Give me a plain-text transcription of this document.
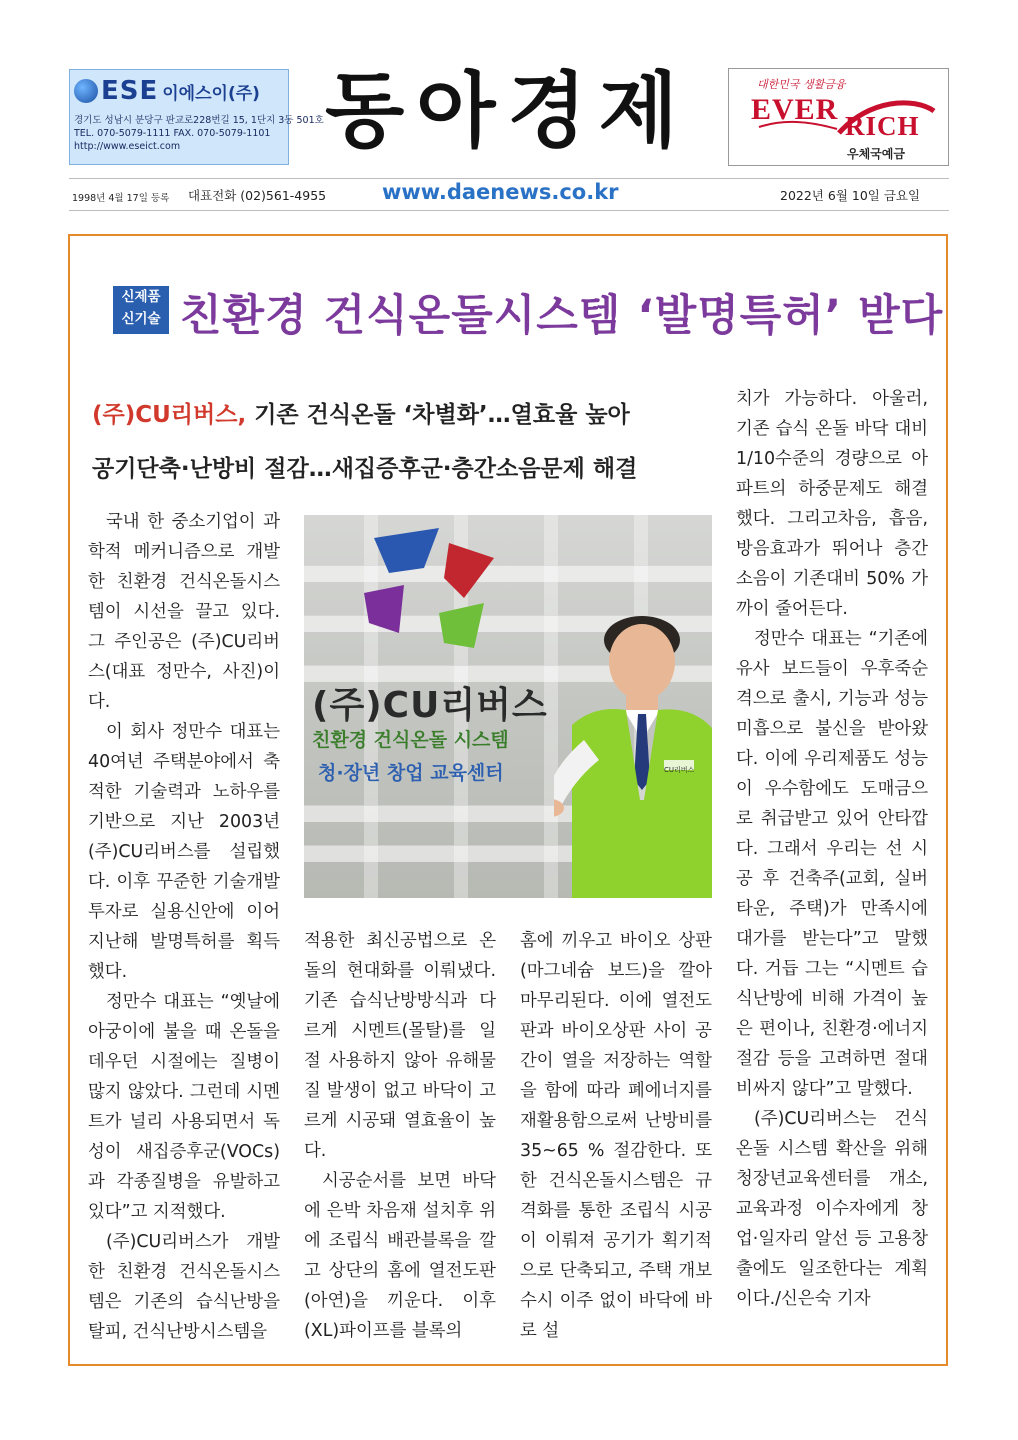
ESE 이에스이(주)
경기도 성남시 분당구 판교로228번길 15, 1단지 3동 501호
TEL. 070-5079-1111 FAX. 070-5079-1101
http://www.eseict.com	동아경제	대한민국 생활금융
EVER RICH
우체국예금
1998년 4월 17일 등록 대표전화 (02)561-4955	www.daenews.co.kr	2022년 6월 10일 금요일
신제품
신기술 친환경 건식온돌시스템 ‘발명특허’ 받다
(주)CU리버스, 기존 건식온돌 ‘차별화’…열효율 높아
공기단축·난방비 절감…새집증후군·층간소음문제 해결
(주)CU리버스
친환경 건식온돌 시스템
청·장년 창업 교육센터	CU리버스

국내 한 중소기업이 과학적 메커니즘으로 개발한 친환경 건식온돌시스템이 시선을 끌고 있다. 그 주인공은 (주)CU리버스(대표 정만수, 사진)이다.

이 회사 정만수 대표는 40여년 주택분야에서 축적한 기술력과 노하우를 기반으로 지난 2003년 (주)CU리버스를 설립했다. 이후 꾸준한 기술개발 투자로 실용신안에 이어 지난해 발명특허를 획득했다.

정만수 대표는 “옛날에 아궁이에 불을 때 온돌을 데우던 시절에는 질병이 많지 않았다. 그런데 시멘트가 널리 사용되면서 독성이 새집증후군(VOCs)과 각종질병을 유발하고 있다”고 지적했다.

(주)CU리버스가 개발한 친환경 건식온돌시스템은 기존의 습식난방을 탈피, 건식난방시스템을

적용한 최신공법으로 온돌의 현대화를 이뤄냈다. 기존 습식난방방식과 다르게 시멘트(몰탈)를 일절 사용하지 않아 유해물질 발생이 없고 바닥이 고르게 시공돼 열효율이 높다.

시공순서를 보면 바닥에 은박 차음재 설치후 위에 조립식 배관블록을 깔고 상단의 홈에 열전도판(아연)을 끼운다. 이후 (XL)파이프를 블록의

홈에 끼우고 바이오 상판(마그네슘 보드)을 깔아 마무리된다. 이에 열전도판과 바이오상판 사이 공간이 열을 저장하는 역할을 함에 따라 폐에너지를 재활용함으로써 난방비를 35~65 % 절감한다. 또한 건식온돌시스템은 규격화를 통한 조립식 시공이 이뤄져 공기가 획기적으로 단축되고, 주택 개보수시 이주 없이 바닥에 바로 설

치가 가능하다. 아울러, 기존 습식 온돌 바닥 대비 1/10수준의 경량으로 아파트의 하중문제도 해결했다. 그리고차음, 흡음, 방음효과가 뛰어나 층간소음이 기존대비 50% 가까이 줄어든다.

정만수 대표는 “기존에 유사 보드들이 우후죽순 격으로 출시, 기능과 성능 미흡으로 불신을 받아왔다. 이에 우리제품도 성능이 우수함에도 도매금으로 취급받고 있어 안타깝다. 그래서 우리는 선 시공 후 건축주(교회, 실버타운, 주택)가 만족시에 대가를 받는다”고 말했다. 거듭 그는 “시멘트 습식난방에 비해 가격이 높은 편이나, 친환경·에너지 절감 등을 고려하면 절대 비싸지 않다”고 말했다.

(주)CU리버스는 건식온돌 시스템 확산을 위해 청장년교육센터를 개소, 교육과정 이수자에게 창업·일자리 알선 등 고용창출에도 일조한다는 계획이다./신은숙 기자
